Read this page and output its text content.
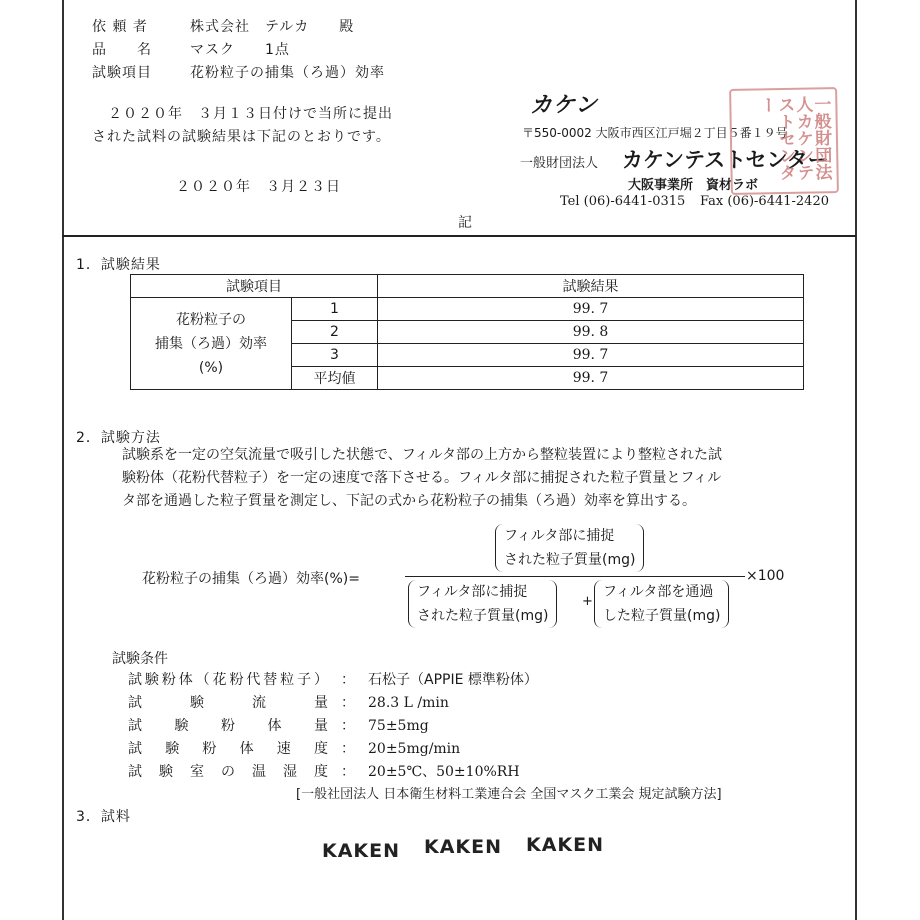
依 頼 者	株式会社　テルカ　　殿
品　　名	マスク　　1点
試験項目	花粉粒子の捕集（ろ過）効率
２０２０年　３月１３日付けで当所に提出
された試料の試験結果は下記のとおりです。
２０２０年　３月２３日
カケン
〒550-0002 大阪市西区江戸堀２丁目５番１９号
一般財団法人 カケンテストセンター
大阪事業所　資材ラボ
Tel (06)-6441-0315 Fax (06)-6441-2420
一般財団法人カケンテストセンター
記
1．試験結果
試験項目		試験結果

花粉粒子の
捕集（ろ過）効率
(%)	1	99. 7
	2	99. 8
	3	99. 7
	平均値	99. 7
2．試験方法
試験系を一定の空気流量で吸引した状態で、フィルタ部の上方から整粒装置により整粒された試
験粉体（花粉代替粒子）を一定の速度で落下させる。フィルタ部に捕捉された粒子質量とフィル
タ部を通過した粒子質量を測定し、下記の式から花粉粒子の捕集（ろ過）効率を算出する。
花粉粒子の捕集（ろ過）効率(%)=
フィルタ部に捕捉
された粒子質量(mg)
フィルタ部に捕捉
された粒子質量(mg)
+
フィルタ部を通過
した粒子質量(mg)
×100
試験条件
試験粉体（花粉代替粒子） ： 石松子（APPIE 標準粉体）
試験流量 ： 28.3 L /min
試験粉体量 ： 75±5mg
試験粉体速度 ： 20±5mg/min
試験室の温湿度 ： 20±5℃、50±10%RH
[一般社団法人 日本衛生材料工業連合会 全国マスク工業会 規定試験方法]
3．試料
KAKEN KAKEN KAKEN
